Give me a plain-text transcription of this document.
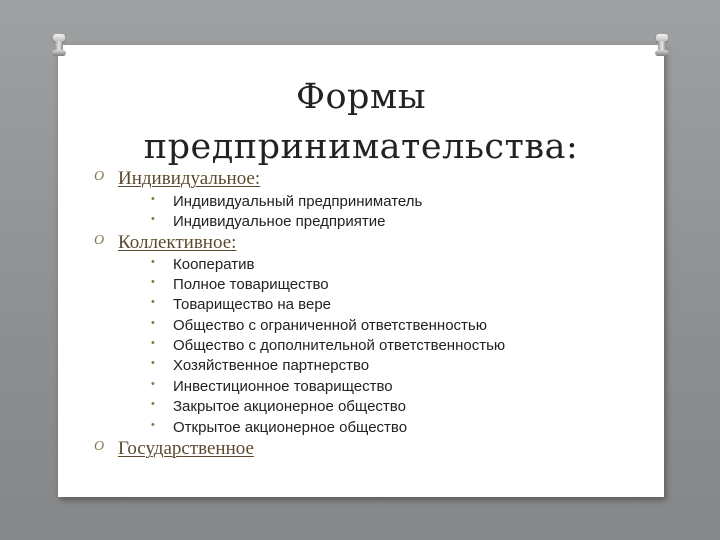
Формы
предпринимательства:
O Индивидуальное:
• Индивидуальный предприниматель
• Индивидуальное предприятие
O Коллективное:
• Кооператив
• Полное товарищество
• Товарищество на вере
• Общество с ограниченной ответственностью
• Общество с дополнительной ответственностью
• Хозяйственное партнерство
• Инвестиционное товарищество
• Закрытое акционерное общество
• Открытое акционерное общество
O Государственное
